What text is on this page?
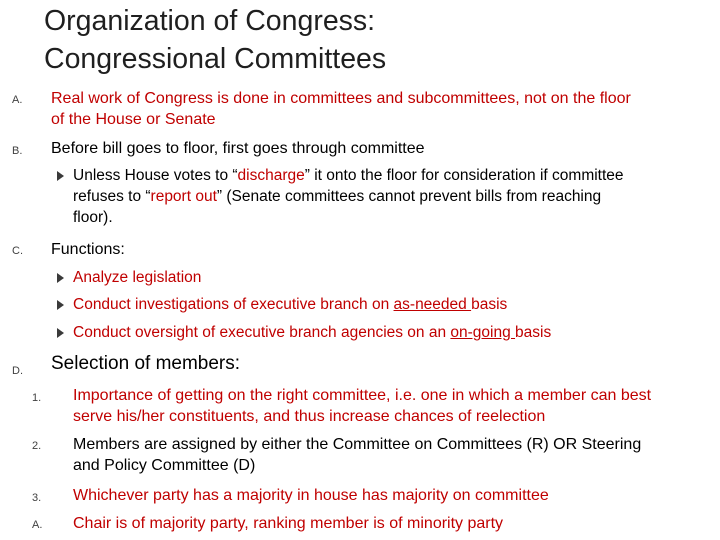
Organization of Congress:
Congressional Committees
A. Real work of Congress is done in committees and subcommittees, not on the floor
of the House or Senate
B. Before bill goes to floor, first goes through committee
Unless House votes to “discharge” it onto the floor for consideration if committee
refuses to “report out” (Senate committees cannot prevent bills from reaching
floor).
C. Functions:
Analyze legislation
Conduct investigations of executive branch on as-needed basis
Conduct oversight of executive branch agencies on an on-going basis
D. Selection of members:
1. Importance of getting on the right committee, i.e. one in which a member can best
serve his/her constituents, and thus increase chances of reelection
2. Members are assigned by either the Committee on Committees (R) OR Steering
and Policy Committee (D)
3. Whichever party has a majority in house has majority on committee
A. Chair is of majority party, ranking member is of minority party
